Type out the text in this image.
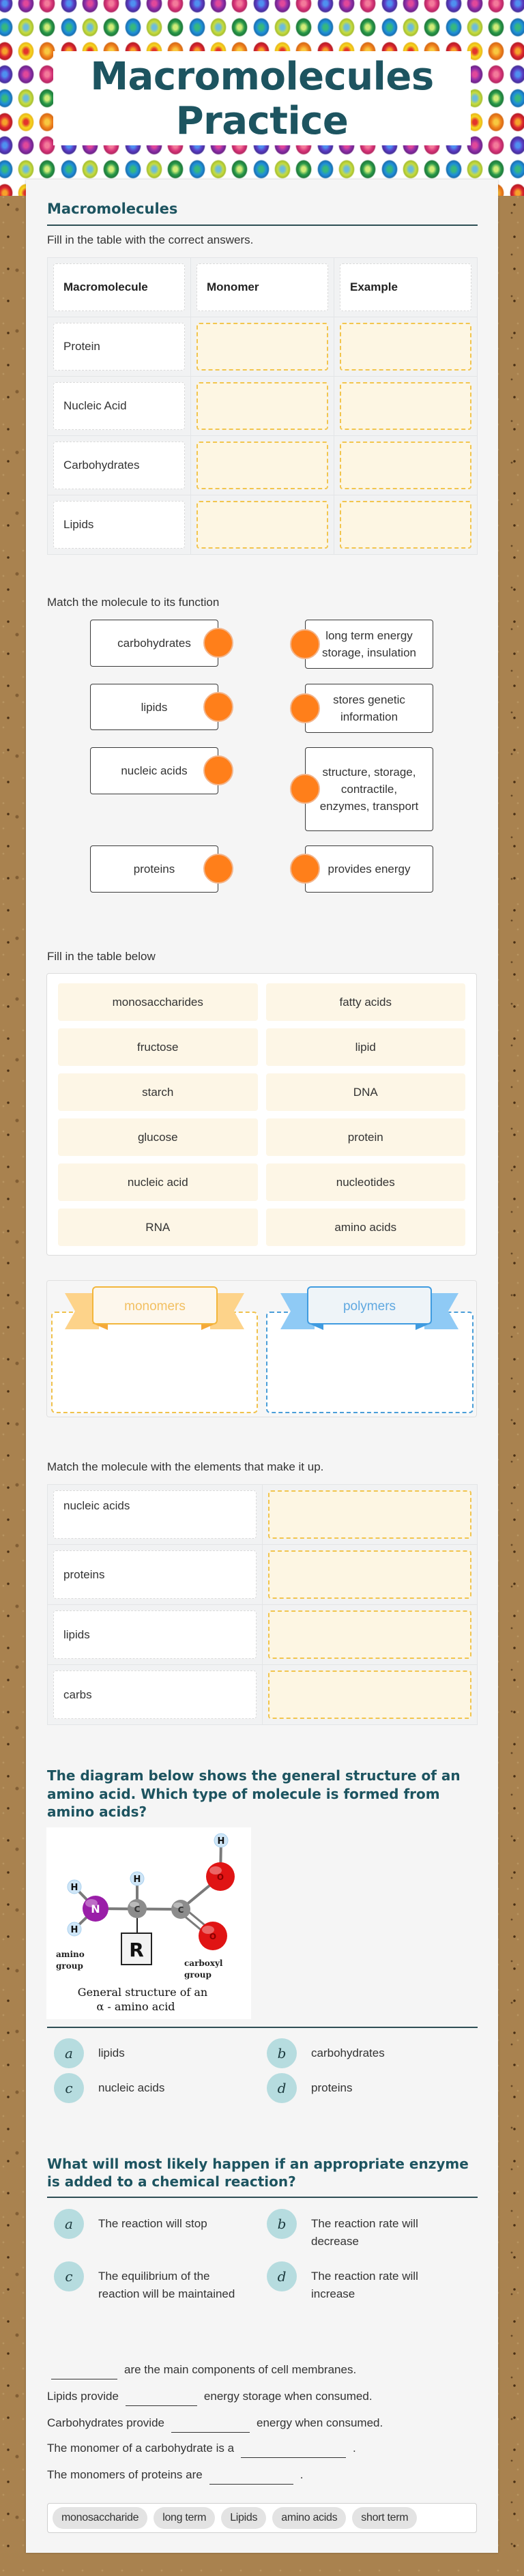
Macromolecules
Practice
Macromolecules
Fill in the table with the correct answers.
Macromolecule	Monomer	Example
Protein
Nucleic Acid
Carbohydrates
Lipids
Match the molecule to its function
carbohydrates
long term energy storage, insulation
lipids
stores genetic information
nucleic acids	structure, storage, contractile, enzymes, transport
proteins	provides energy
Fill in the table below
monosaccharides	fatty acids
fructose	lipid
starch	DNA
glucose	protein
nucleic acid	nucleotides
RNA	amino acids
monomers	polymers
Match the molecule with the elements that make it up.
nucleic acids
proteins
lipids
carbs
The diagram below shows the general structure of an amino acid. Which type of molecule is formed from amino acids?
H
H
H
H
N	C	C
O
O
R
amino
group	carboxyl
group
General structure of an
α - amino acid
a	lipids	b	carbohydrates
c	nucleic acids	d	proteins
What will most likely happen if an appropriate enzyme is added to a chemical reaction?
a	The reaction will stop	b	The reaction rate will decrease
c	The equilibrium of the reaction will be maintained
d	The reaction rate will increase
are the main components of cell membranes.
Lipids provide	energy storage when consumed.
Carbohydrates provide	energy when consumed.
The monomer of a carbohydrate is a	.
The monomers of proteins are	.
monosaccharide	long term	Lipids	amino acids	short term
